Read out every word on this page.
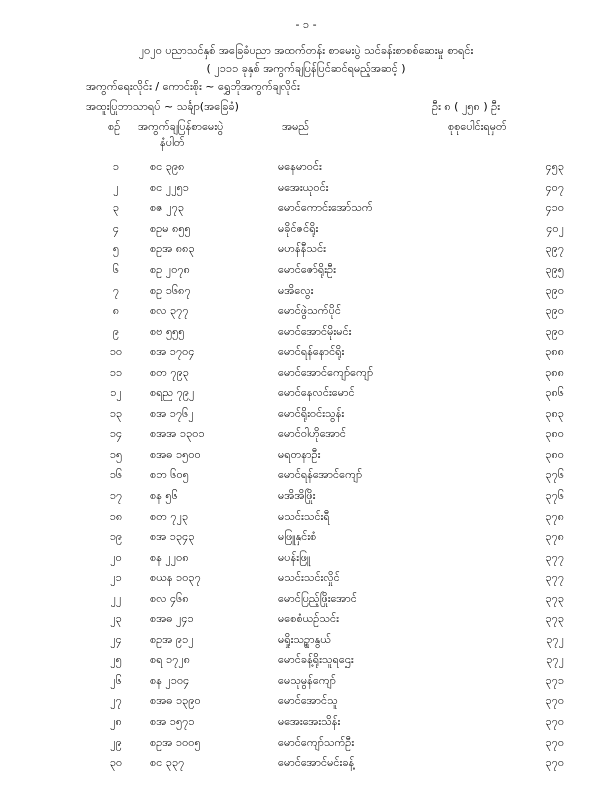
- ၁ -
၂၀၂၀ ပညာသင်နှစ် အခြေခံပညာ အထက်တန်း စာမေးပွဲ သင်ခန်းစာစစ်ဆေးမှု စာရင်း
( ၂၁၁၁ ခုနှစ် အကွက်ချပြန်ပြင်ဆင်ရမည့်အဆင့် )
အကွက်ရေးလိုင်း / ကောင်းစိုး ~ ရွှေဘိုအကွက်ချလိုင်း
အထူးပြုဘာသာရပ် ~ သင်္ချာ(အခြေခံ)	ဦး ၈ ( ၂၅၈ ) ဦး
စဉ် အကွက်ချပြန်စာမေးပွဲ
နံပါတ်
အမည်	စုစုပေါင်းရမှတ်
၁	စင ၃၉၈	မနေမာဝင်း	၄၅၃
၂	စင ၂၂၅၁	မအေးယုဝင်း	၄၀၇
၃	စဇ ၂၇၃	မောင်ကောင်းအော်သက်	၄၁၀
၄	စဥမ ၈၅၅	မခိုင်ဇင်ရိုး	၄၀၂
၅	စဥအ ၈၈၃	မဟန်နီသင်း	၃၉၇
၆	စဥ ၂၀၇၈	မောင်ဇော်ရိုးဦး	၃၉၅
၇	စဥ ၁၆၈၇	မအိလွေး	၃၉၀
၈	စလ ၃၇၇	မောင်ဖွဲသက်ပိုင်	၃၉၀
၉	စဗ ၅၅၅	မောင်အောင်မိုးမင်း	၃၉၀
၁၀	စအ ၁၇၀၄	မောင်ရန်နောင်ရိုး	၃၈၈
၁၁	စတ ၇၉၃	မောင်အောင်ကျော်ကျော်	၃၈၈
၁၂	စရည ၇၉၂	မောင်နေလင်းမောင်	၃၈၆
၁၃	စအ ၁၇၆၂	မောင်ရိုးဝင်းသွန်း	၃၈၃
၁၄	စအအ ၁၃၀၁	မောင်ဝါဟိုအောင်	၃၈၀
၁၅	စအဓ ၁၅၀၀	မရတနာဦး	၃၈၀
၁၆	စဘ ၆၀၅	မောင်ရန်အောင်ကျော်	၃၇၆
၁၇	စန ၅၆	မအိအိဖြိုး	၃၇၆
၁၈	စတ ၇၂၃	မသင်းသင်းရီ	၃၇၈
၁၉	စအ ၁၃၄၃	မဖြူနှင်းစံ	၃၇၈
၂၀	စန ၂၂၀၈	မပန်းဖြူ	၃၇၇
၂၁	စယန ၁၀၃၇	မသင်းသင်းလှိုင်	၃၇၇
၂၂	စလ ၄၆၈	မောင်ပြည့်ဖြိုးအောင်	၃၇၃
၂၃	စအဓ ၂၄၁	မစေစံယဉ်သင်း	၃၇၃
၂၄	စဥအ ၉၁၂	မရှိုးသဥ္စာနွယ်	၃၇၂
၂၅	စရ ၁၇၂၈	မောင်ခန့်ရိုးသူရဌေး	၃၇၂
၂၆	စန ၂၁၀၄	မေသုမွန်ကျော်	၃၇၁
၂၇	စအဓ ၁၃၉၀	မောင်အောင်သူ	၃၇၀
၂၈	စအ ၁၅၇၁	မအေးအေးသိန်း	၃၇၀
၂၉	စဥအ ၁၀၀၅	မောင်ကျော်သက်ဦး	၃၇၀
၃၀	စင ၃၃၇	မောင်အောင်မင်းခန့်	၃၇၀
